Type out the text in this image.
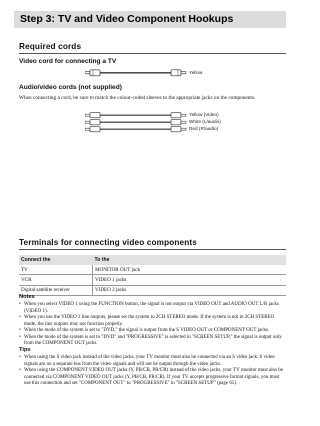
Step 3: TV and Video Component Hookups
Required cords
Video cord for connecting a TV
Yellow
Audio/video cords (not supplied)
When connecting a cord, be sure to match the colour-coded sleeves to the appropriate jacks on the components.
Yellow (Video)
White (L/audio)
Red (R/audio)
Terminals for connecting video components
Connect the	To the
TV	MONITOR OUT jack
VCR	VIDEO 1 jacks
Digital satellite receiver	VIDEO 2 jacks
Notes
• When you select VIDEO 1 using the FUNCTION button, the signal is not output via VIDEO OUT and AUDIO OUT L/R jacks (VIDEO 1).
• When you use the VIDEO 1 line outputs, please set the system to 2CH STEREO mode. If the system is not in 2CH STEREO mode, the line outputs may not function properly.
• When the mode of the system is set to "DVD," the signal is output from the S VIDEO OUT or COMPONENT OUT jacks.
• When the mode of the system is set to "DVD" and "PROGRESSIVE" is selected in "SCREEN SETUP," the signal is output only from the COMPONENT OUT jacks.
Tips
• When using the S video jack instead of the video jacks, your TV monitor must also be connected via an S video jack. S video signals are on a separate bus from the video signals and will not be output through the video jacks.
• When using the COMPONENT VIDEO OUT jacks (Y, PB/CB, PR/CR) instead of the video jacks, your TV monitor must also be connected via COMPONENT VIDEO OUT jacks (Y, PB/CB, PR/CR). If your TV accepts progressive format signals, you must use this connection and set "COMPONENT OUT" to "PROGRESSIVE" in "SCREEN SETUP" (page 65).
